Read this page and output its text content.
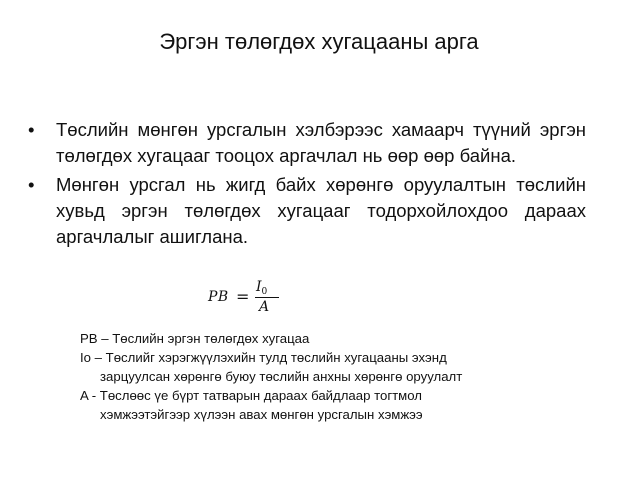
Эргэн төлөгдөх хугацааны арга
• Төслийн мөнгөн урсгалын хэлбэрээс хамаарч түүний эргэн төлөгдөх хугацааг тооцох аргачлал нь өөр өөр байна.
• Мөнгөн урсгал нь жигд байх хөрөнгө оруулалтын төслийн хувьд эргэн төлөгдөх хугацааг тодорхойлохдоо дараах аргачлалыг ашиглана.
PB = $I_0$
A
PB – Төслийн эргэн төлөгдөх хугацаа
Io – Төслийг хэрэгжүүлэхийн тулд төслийн хугацааны эхэнд
зарцуулсан хөрөнгө буюу төслийн анхны хөрөнгө оруулалт
A - Төслөөс үе бүрт татварын дараах байдлаар тогтмол
хэмжээтэйгээр хүлээн авах мөнгөн урсгалын хэмжээ
